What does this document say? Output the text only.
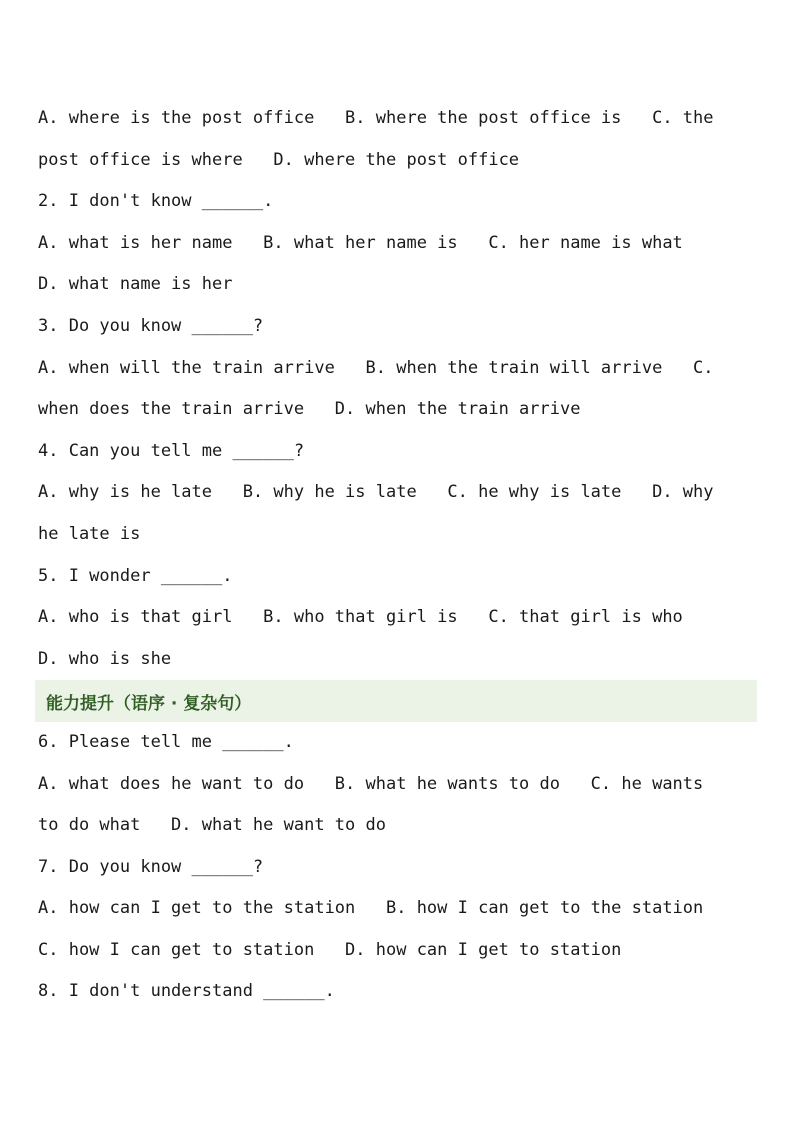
A. where is the post office   B. where the post office is   C. the
post office is where   D. where the post office
2. I don't know ______.
A. what is her name   B. what her name is   C. her name is what
D. what name is her
3. Do you know ______?
A. when will the train arrive   B. when the train will arrive   C.
when does the train arrive   D. when the train arrive
4. Can you tell me ______?
A. why is he late   B. why he is late   C. he why is late   D. why
he late is
5. I wonder ______.
A. who is that girl   B. who that girl is   C. that girl is who
D. who is she
能力提升（语序 · 复杂句）
6. Please tell me ______.
A. what does he want to do   B. what he wants to do   C. he wants
to do what   D. what he want to do
7. Do you know ______?
A. how can I get to the station   B. how I can get to the station
C. how I can get to station   D. how can I get to station
8. I don't understand ______.
